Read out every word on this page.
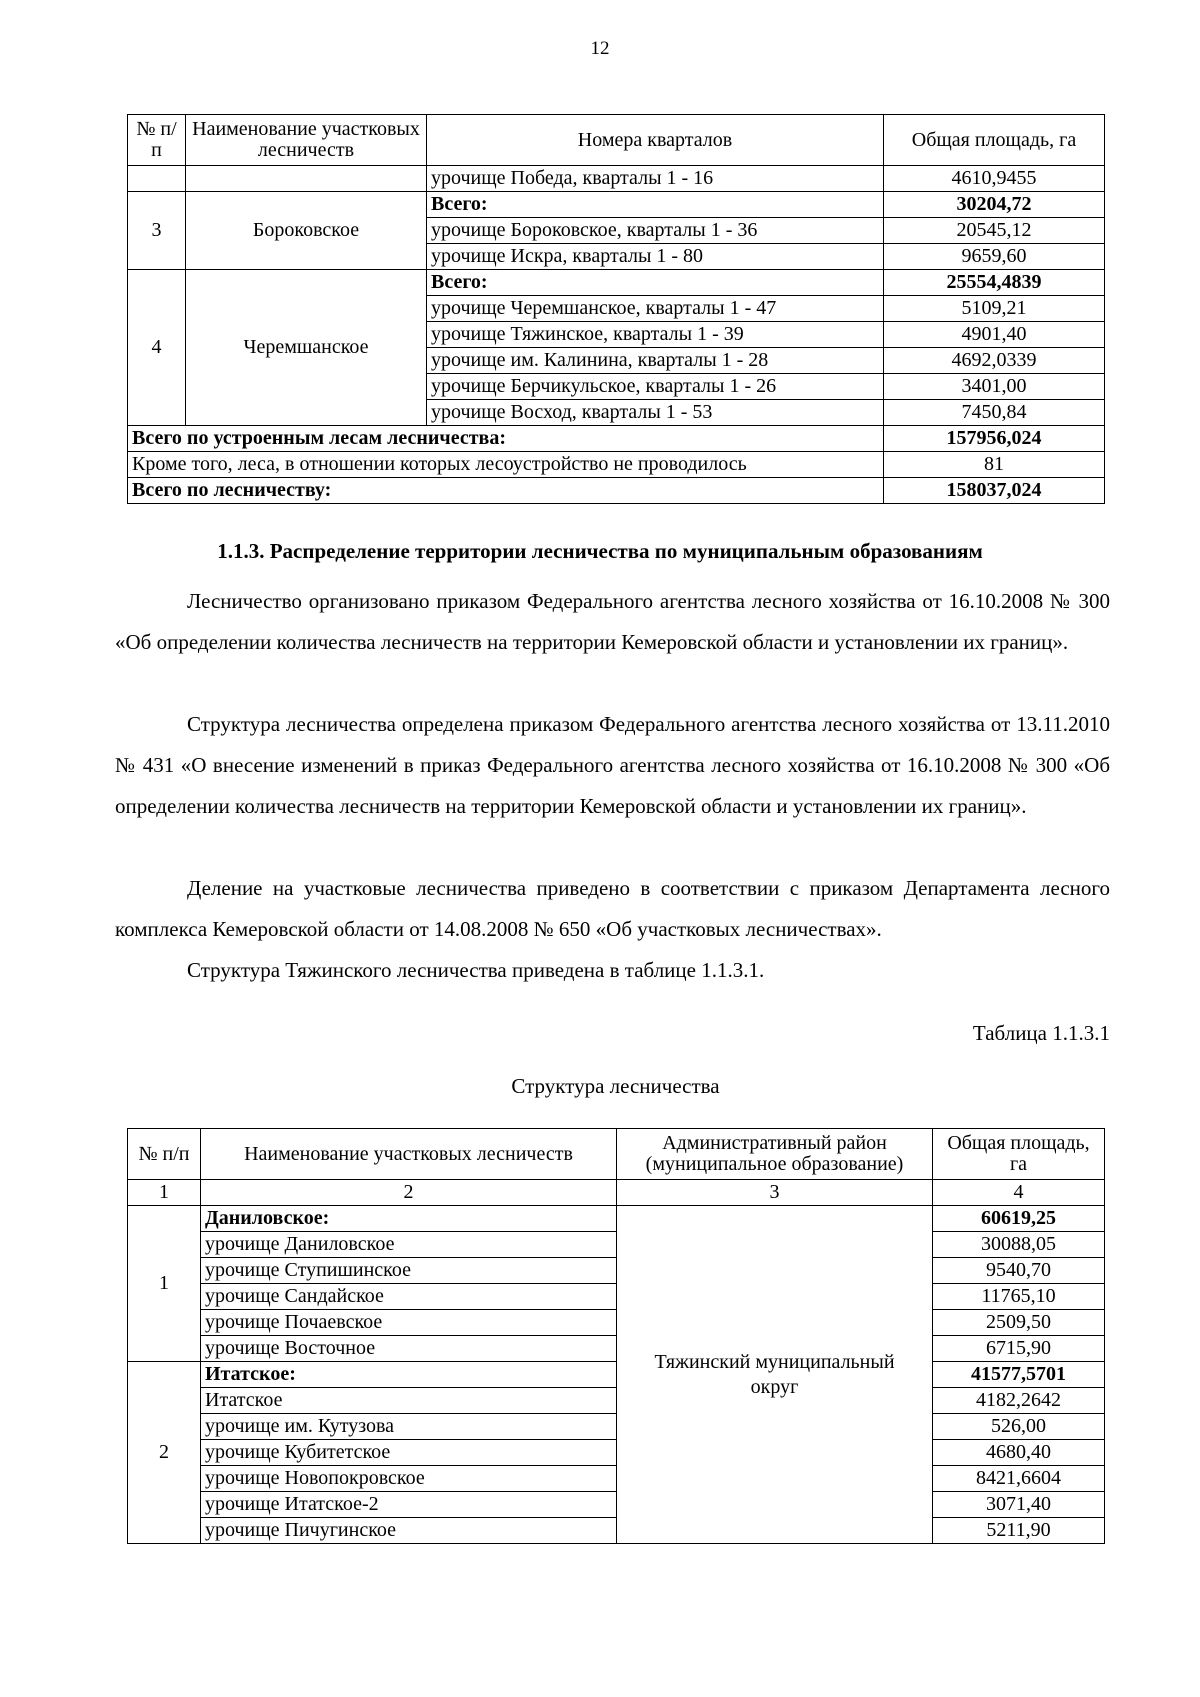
12
№ п/п	Наименование участковых лесничеств	Номера кварталов	Общая площадь, га
		урочище Победа, кварталы 1 - 16	4610,9455
3	Бороковское	Всего:	30204,72
		урочище Бороковское, кварталы 1 - 36	20545,12
		урочище Искра, кварталы 1 - 80	9659,60
4	Черемшанское	Всего:	25554,4839
		урочище Черемшанское, кварталы 1 - 47	5109,21
		урочище Тяжинское, кварталы 1 - 39	4901,40
		урочище им. Калинина, кварталы 1 - 28	4692,0339
		урочище Берчикульское, кварталы 1 - 26	3401,00
		урочище Восход, кварталы 1 - 53	7450,84
Всего по устроенным лесам лесничества:			157956,024
Кроме того, леса, в отношении которых лесоустройство не проводилось			81
Всего по лесничеству:			158037,024
1.1.3. Распределение территории лесничества по муниципальным образованиям

Лесничество организовано приказом Федерального агентства лесного хозяйства от 16.10.2008 № 300 «Об определении количества лесничеств на территории Кемеровской области и установлении их границ».

Структура лесничества определена приказом Федерального агентства лесного хозяйства от 13.11.2010 № 431 «О внесение изменений в приказ Федерального агентства лесного хозяйства от 16.10.2008 № 300 «Об определении количества лесничеств на территории Кемеровской области и установлении их границ».

Деление на участковые лесничества приведено в соответствии с приказом Департамента лесного комплекса Кемеровской области от 14.08.2008 № 650 «Об участковых лесничествах».

Структура Тяжинского лесничества приведена в таблице 1.1.3.1.

Таблица 1.1.3.1
Структура лесничества
№ п/п	Наименование участковых лесничеств	Административный район (муниципальное образование)	Общая площадь, га
1	2	3	4
1	Даниловское:	Тяжинский муниципальный округ	60619,25
	урочище Даниловское		30088,05
	урочище Ступишинское		9540,70
	урочище Сандайское		11765,10
	урочище Почаевское		2509,50
	урочище Восточное		6715,90
2	Итатское:		41577,5701
	Итатское		4182,2642
	урочище им. Кутузова		526,00
	урочище Кубитетское		4680,40
	урочище Новопокровское		8421,6604
	урочище Итатское-2		3071,40
	урочище Пичугинское		5211,90
